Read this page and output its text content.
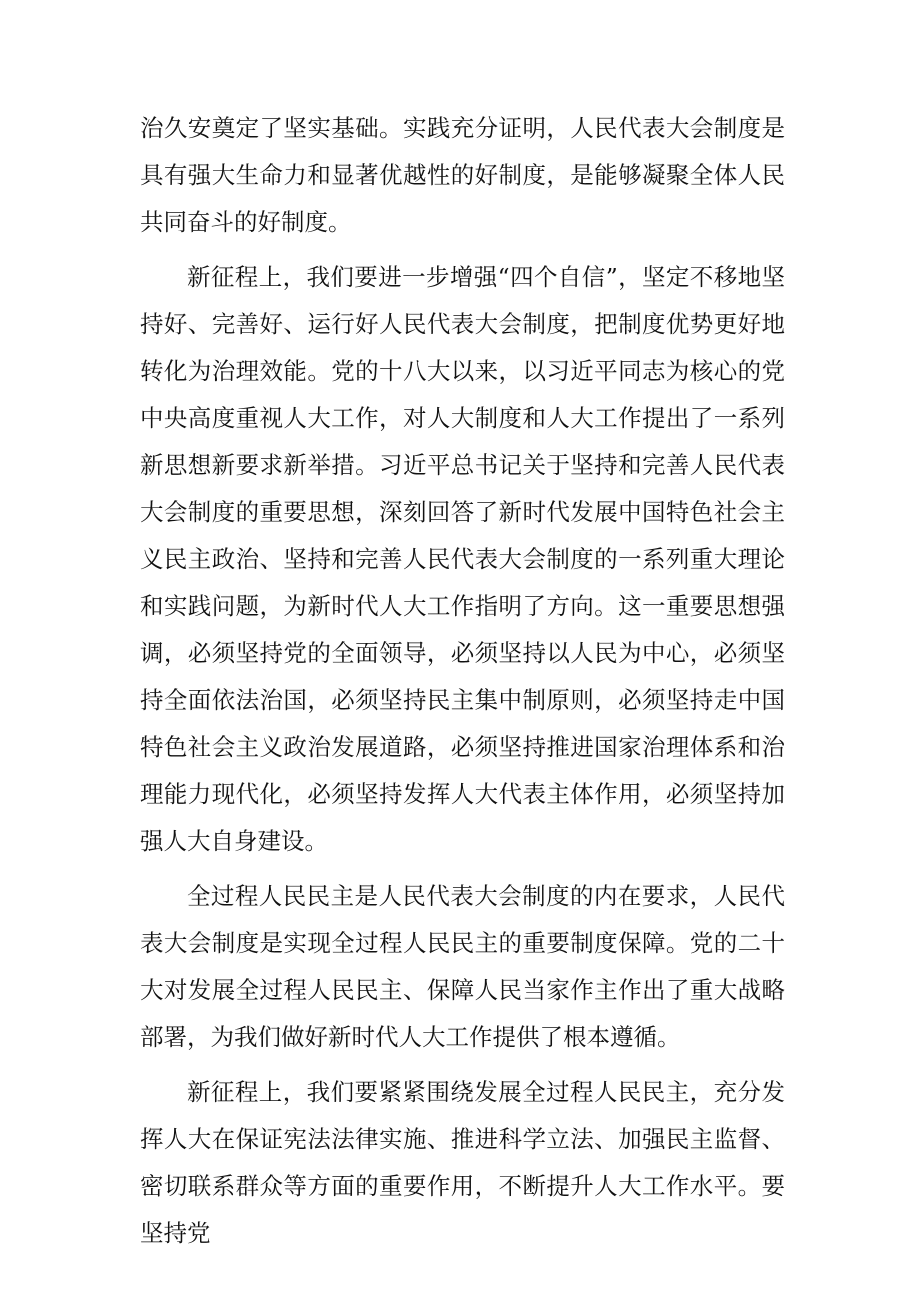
治久安奠定了坚实基础。实践充分证明，人民代表大会制度是具有强大生命力和显著优越性的好制度，是能够凝聚全体人民共同奋斗的好制度。

新征程上，我们要进一步增强“四个自信”，坚定不移地坚持好、完善好、运行好人民代表大会制度，把制度优势更好地转化为治理效能。党的十八大以来，以习近平同志为核心的党中央高度重视人大工作，对人大制度和人大工作提出了一系列新思想新要求新举措。习近平总书记关于坚持和完善人民代表大会制度的重要思想，深刻回答了新时代发展中国特色社会主义民主政治、坚持和完善人民代表大会制度的一系列重大理论和实践问题，为新时代人大工作指明了方向。这一重要思想强调，必须坚持党的全面领导，必须坚持以人民为中心，必须坚持全面依法治国，必须坚持民主集中制原则，必须坚持走中国特色社会主义政治发展道路，必须坚持推进国家治理体系和治理能力现代化，必须坚持发挥人大代表主体作用，必须坚持加强人大自身建设。

全过程人民民主是人民代表大会制度的内在要求，人民代表大会制度是实现全过程人民民主的重要制度保障。党的二十大对发展全过程人民民主、保障人民当家作主作出了重大战略部署，为我们做好新时代人大工作提供了根本遵循。

新征程上，我们要紧紧围绕发展全过程人民民主，充分发挥人大在保证宪法法律实施、推进科学立法、加强民主监督、密切联系群众等方面的重要作用，不断提升人大工作水平。要坚持党
